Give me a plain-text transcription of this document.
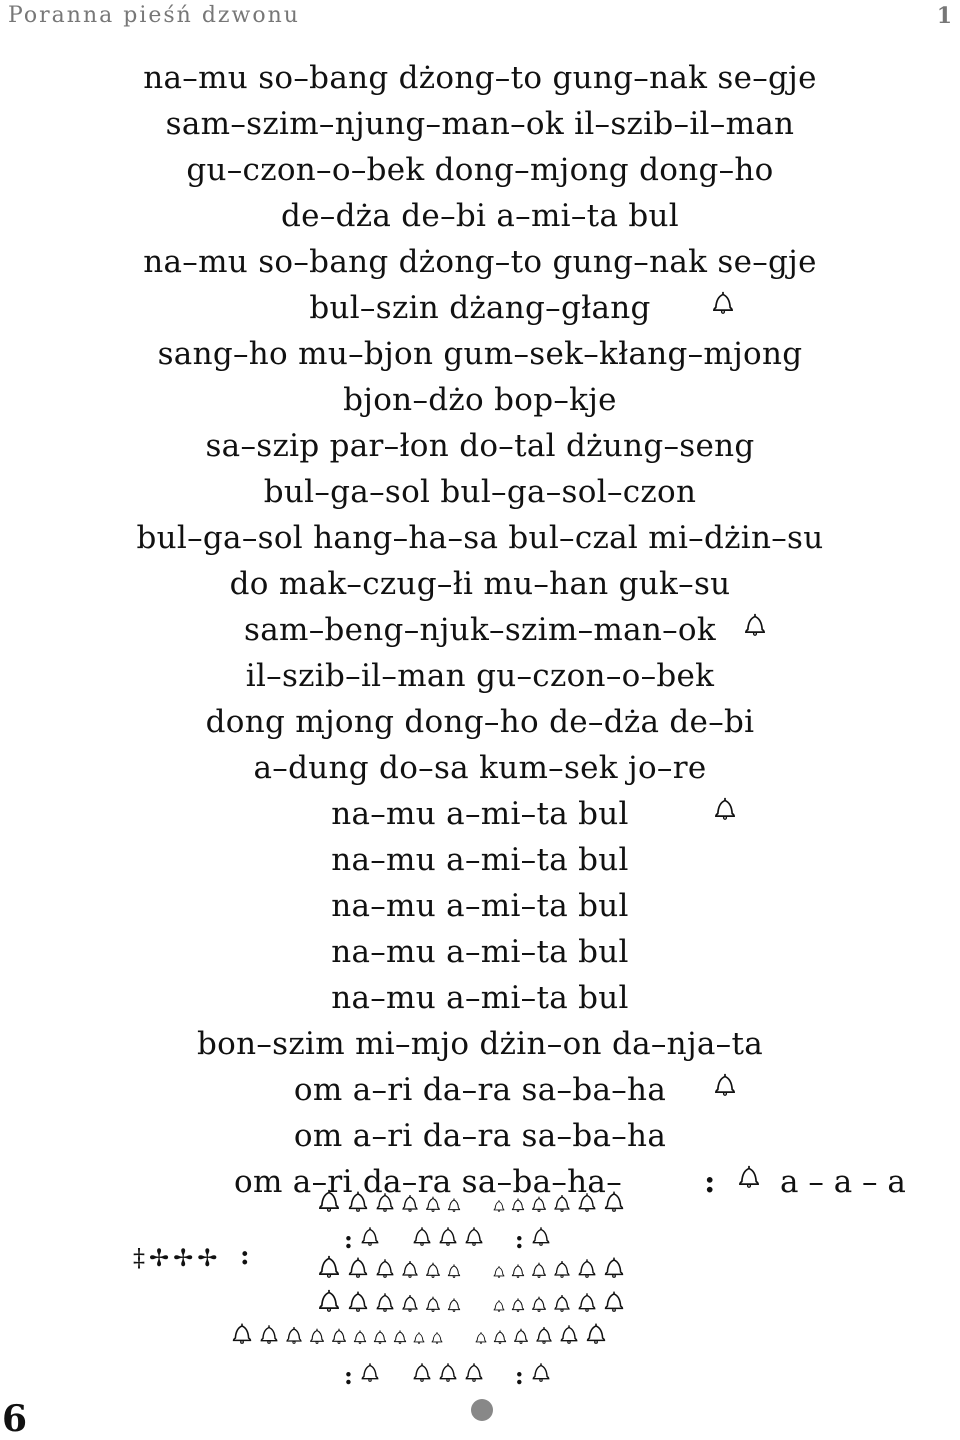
Poranna pieśń dzwonu	1
na–mu so–bang dżong–to gung–nak se–gje
sam–szim–njung–man–ok il–szib–il–man
gu–czon–o–bek dong–mjong dong–ho
de–dża de–bi a–mi–ta bul
na–mu so–bang dżong–to gung–nak se–gje
bul–szin dżang–głang
sang–ho mu–bjon gum–sek–kłang–mjong
bjon–dżo bop–kje
sa–szip par–łon do–tal dżung–seng
bul–ga–sol bul–ga–sol–czon
bul–ga–sol hang–ha–sa bul–czal mi–dżin–su
do mak–czug–łi mu–han guk–su
sam–beng–njuk–szim–man–ok
il–szib–il–man gu–czon–o–bek
dong mjong dong–ho de–dża de–bi
a–dung do–sa kum–sek jo–re
na–mu a–mi–ta bul
na–mu a–mi–ta bul
na–mu a–mi–ta bul
na–mu a–mi–ta bul
na–mu a–mi–ta bul
bon–szim mi–mjo dżin–on da–nja–ta
om a–ri da–ra sa–ba–ha
om a–ri da–ra sa–ba–ha
om a–ri da–ra sa–ba–ha–	: a – a – a
‡✢✢✢ :
:	:
:	:
6
